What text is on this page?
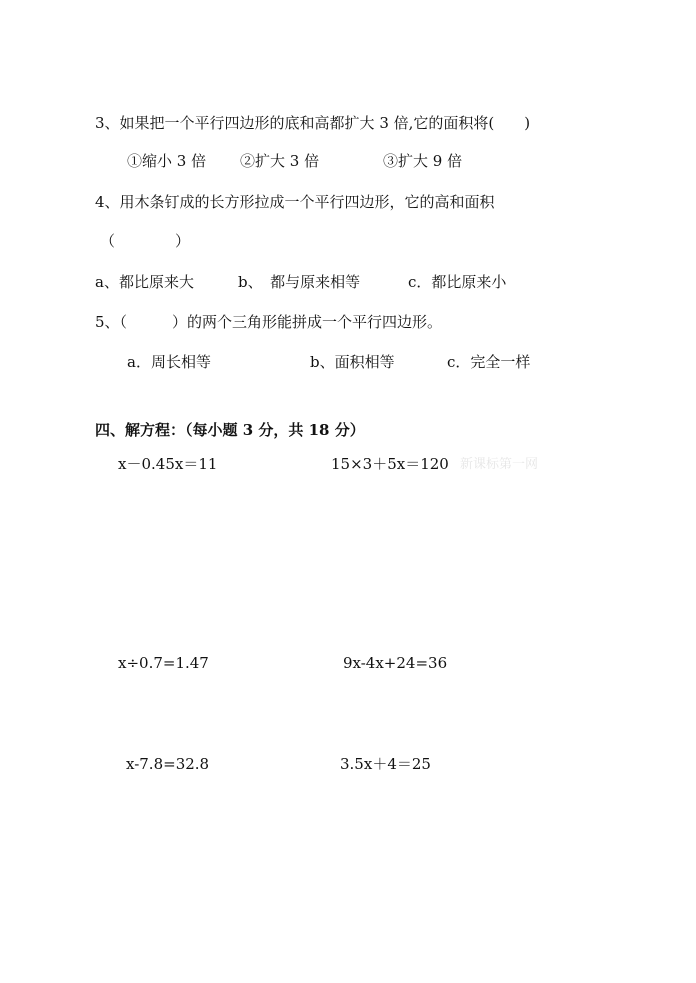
3、如果把一个平行四边形的底和高都扩大 3 倍,它的面积将(　　)
①缩小 3 倍 ②扩大 3 倍	③扩大 9 倍
4、用木条钉成的长方形拉成一个平行四边形，它的高和面积
（　　　　）
a、都比原来大	b、　都与原来相等	c．都比原来小
5、（　　　）的两个三角形能拼成一个平行四边形。
a．周长相等	b、面积相等	c．完全一样
四、解方程：（每小题 3 分，共 18 分）
x－0.45x＝11	15×3＋5x＝120 新课标第一网
x÷0.7=1.47	9x-4x+24=36
x-7.8=32.8	3.5x＋4＝25
